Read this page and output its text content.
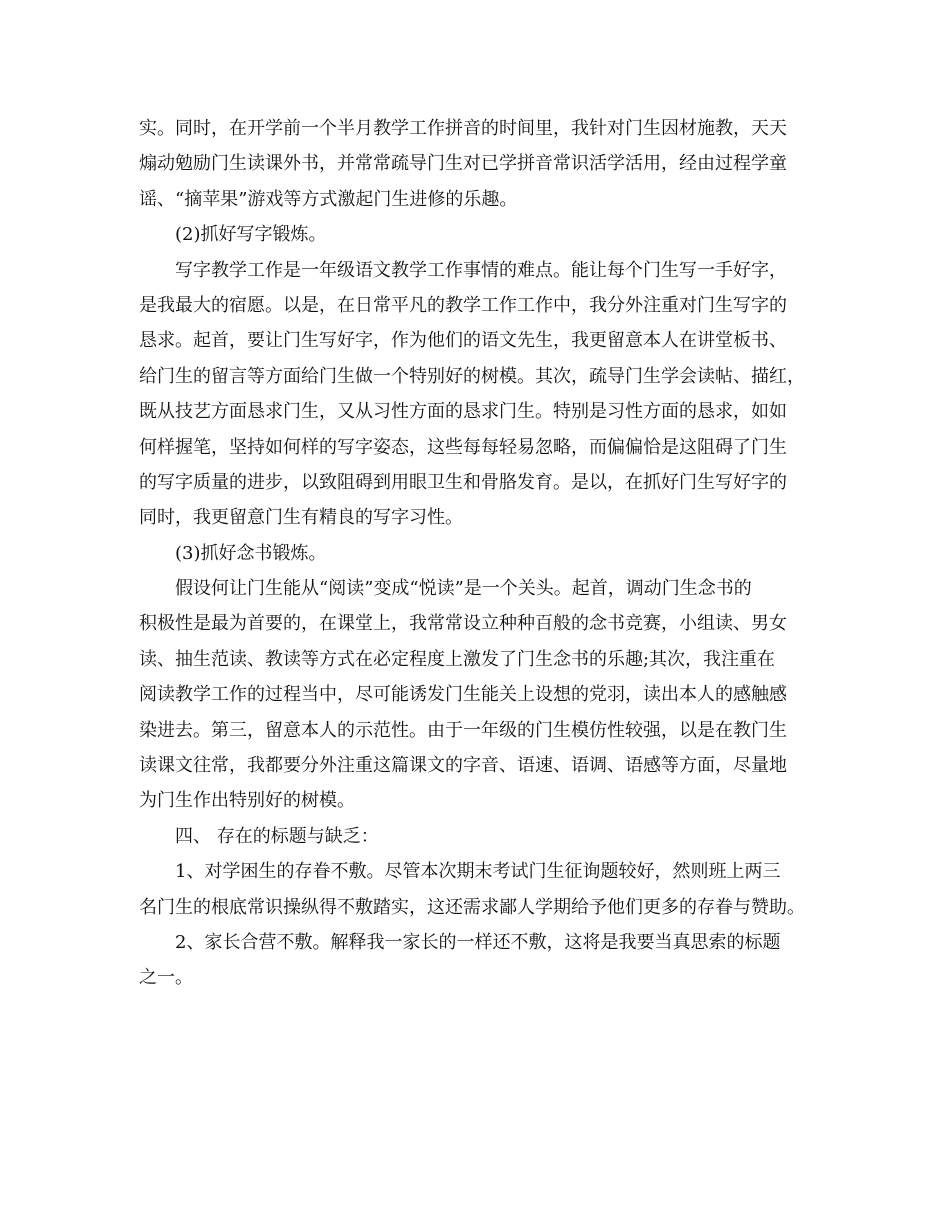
实。同时，在开学前一个半月教学工作拼音的时间里，我针对门生因材施教，天天
煽动勉励门生读课外书，并常常疏导门生对已学拼音常识活学活用，经由过程学童
谣、“摘苹果”游戏等方式激起门生进修的乐趣。
(2)抓好写字锻炼。
写字教学工作是一年级语文教学工作事情的难点。能让每个门生写一手好字，
是我最大的宿愿。以是，在日常平凡的教学工作工作中，我分外注重对门生写字的
恳求。起首，要让门生写好字，作为他们的语文先生，我更留意本人在讲堂板书、
给门生的留言等方面给门生做一个特别好的树模。其次，疏导门生学会读帖、描红，
既从技艺方面恳求门生，又从习性方面的恳求门生。特别是习性方面的恳求，如如
何样握笔，坚持如何样的写字姿态，这些每每轻易忽略，而偏偏恰是这阻碍了门生
的写字质量的进步，以致阻碍到用眼卫生和骨胳发育。是以，在抓好门生写好字的
同时，我更留意门生有精良的写字习性。
(3)抓好念书锻炼。
假设何让门生能从“阅读”变成“悦读”是一个关头。起首，调动门生念书的
积极性是最为首要的，在课堂上，我常常设立种种百般的念书竞赛，小组读、男女
读、抽生范读、教读等方式在必定程度上激发了门生念书的乐趣;其次，我注重在
阅读教学工作的过程当中，尽可能诱发门生能关上设想的党羽，读出本人的感触感
染进去。第三，留意本人的示范性。由于一年级的门生模仿性较强，以是在教门生
读课文往常，我都要分外注重这篇课文的字音、语速、语调、语感等方面，尽量地
为门生作出特别好的树模。
四、 存在的标题与缺乏：
1、对学困生的存眷不敷。尽管本次期末考试门生征询题较好，然则班上两三
名门生的根底常识操纵得不敷踏实，这还需求鄙人学期给予他们更多的存眷与赞助。
2、家长合营不敷。解释我一家长的一样还不敷，这将是我要当真思索的标题
之一。
